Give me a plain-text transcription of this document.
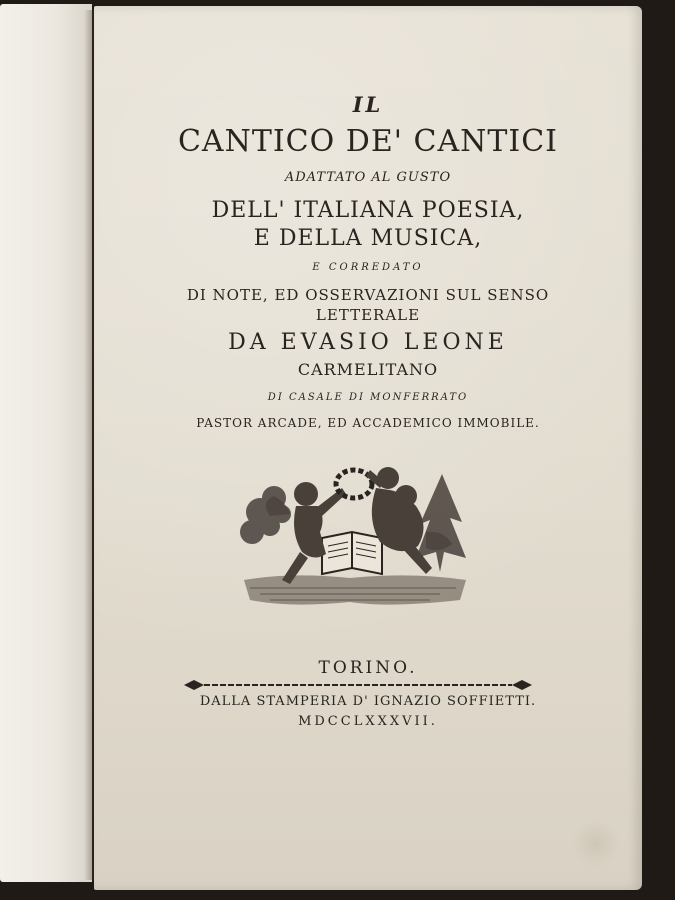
IL
CANTICO DE' CANTICI
ADATTATO AL GUSTO
DELL' ITALIANA POESIA,
E DELLA MUSICA,
E CORREDATO
DI NOTE, ED OSSERVAZIONI SUL SENSO
LETTERALE
DA EVASIO LEONE
CARMELITANO
DI CASALE DI MONFERRATO
PASTOR ARCADE, ED ACCADEMICO IMMOBILE.
TORINO.
DALLA STAMPERIA D' IGNAZIO SOFFIETTI.
MDCCLXXXVII.
